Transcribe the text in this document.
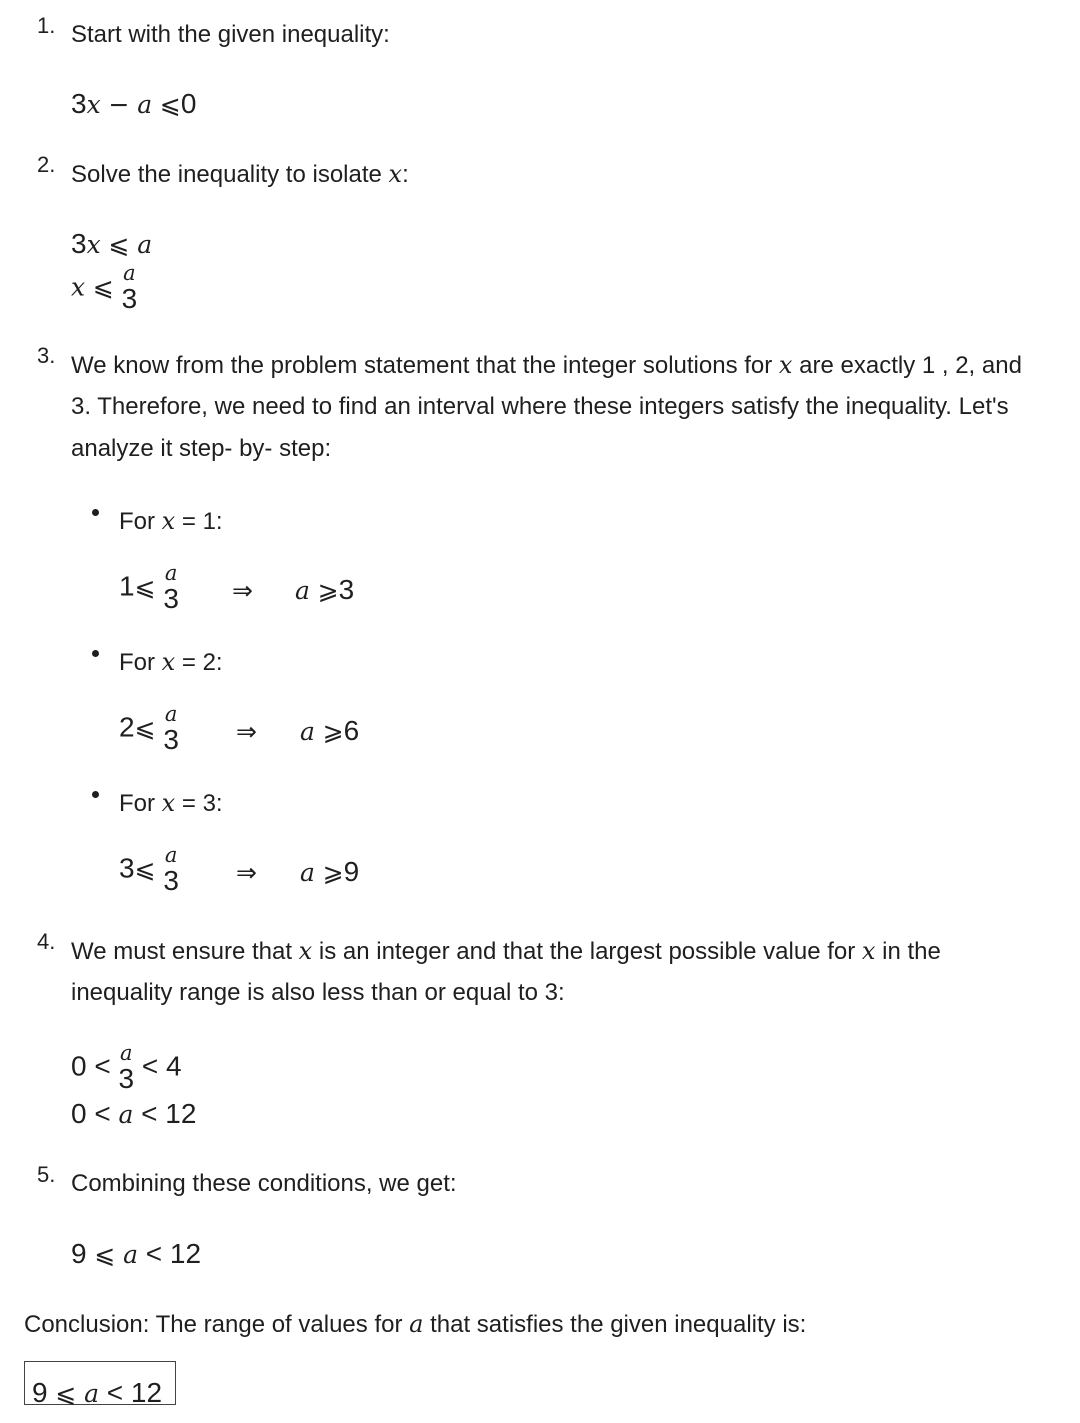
1. Start with the given inequality:
3x − a ⩽0
2. Solve the inequality to isolate x:
3x ⩽ a
x ⩽ a
3
3. We know from the problem statement that the integer solutions for x are exactly 1 , 2, and
3. Therefore, we need to find an interval where these integers satisfy the inequality. Let's
analyze it step- by- step:
For x = 1:
1⩽ a
3 ⇒ a ⩾3
For x = 2:
2⩽ a
3 ⇒ a ⩾6
For x = 3:
3⩽ a
3 ⇒ a ⩾9
4. We must ensure that x is an integer and that the largest possible value for x in the
inequality range is also less than or equal to 3:
0 < a
3 < 4
0 < a < 12
5. Combining these conditions, we get:
9 ⩽ a < 12
Conclusion: The range of values for a that satisfies the given inequality is:
9 ⩽ a < 12
